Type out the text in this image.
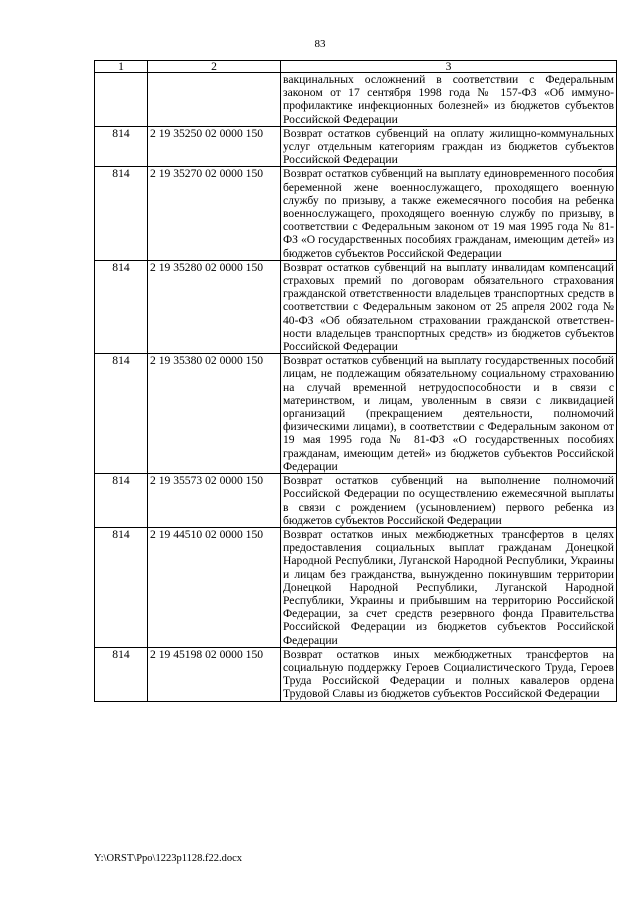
83
1	2	3
		вакцинальных осложнений в соответствии с Федеральным законом от 17 сентября 1998 года № 157-ФЗ «Об иммуно-профилактике инфекционных болезней» из бюджетов субъектов Российской Федерации
814	2 19 35250 02 0000 150	Возврат остатков субвенций на оплату жилищно-коммунальных услуг отдельным категориям граждан из бюджетов субъектов Российской Федерации
814	2 19 35270 02 0000 150	Возврат остатков субвенций на выплату единовременного пособия беременной жене военнослужащего, проходящего военную службу по призыву, а также ежемесячного пособия на ребенка военнослужащего, проходящего военную службу по призыву, в соответствии с Федеральным законом от 19 мая 1995 года № 81-ФЗ «О государственных пособиях гражданам, имеющим детей» из бюджетов субъектов Российской Федерации
814	2 19 35280 02 0000 150	Возврат остатков субвенций на выплату инвалидам компенсаций страховых премий по договорам обязательного страхования гражданской ответственности владельцев транспортных средств в соответствии с Федеральным законом от 25 апреля 2002 года № 40-ФЗ «Об обязательном страховании гражданской ответствен-ности владельцев транспортных средств» из бюджетов субъектов Российской Федерации
814	2 19 35380 02 0000 150	Возврат остатков субвенций на выплату государственных пособий лицам, не подлежащим обязательному социальному страхованию на случай временной нетрудоспособности и в связи с материнством, и лицам, уволенным в связи с ликвидацией организаций (прекращением деятельности, полномочий физическими лицами), в соответствии с Федеральным законом от 19 мая 1995 года № 81-ФЗ «О государственных пособиях гражданам, имеющим детей» из бюджетов субъектов Российской Федерации
814	2 19 35573 02 0000 150	Возврат остатков субвенций на выполнение полномочий Российской Федерации по осуществлению ежемесячной выплаты в связи с рождением (усыновлением) первого ребенка из бюджетов субъектов Российской Федерации
814	2 19 44510 02 0000 150	Возврат остатков иных межбюджетных трансфертов в целях предоставления социальных выплат гражданам Донецкой Народной Республики, Луганской Народной Республики, Украины и лицам без гражданства, вынужденно покинувшим территории Донецкой Народной Республики, Луганской Народной Республики, Украины и прибывшим на территорию Российской Федерации, за счет средств резервного фонда Правительства Российской Федерации из бюджетов субъектов Российской Федерации
814	2 19 45198 02 0000 150	Возврат остатков иных межбюджетных трансфертов на социальную поддержку Героев Социалистического Труда, Героев Труда Российской Федерации и полных кавалеров ордена Трудовой Славы из бюджетов субъектов Российской Федерации
Y:\ORST\Ppo\1223p1128.f22.docx
